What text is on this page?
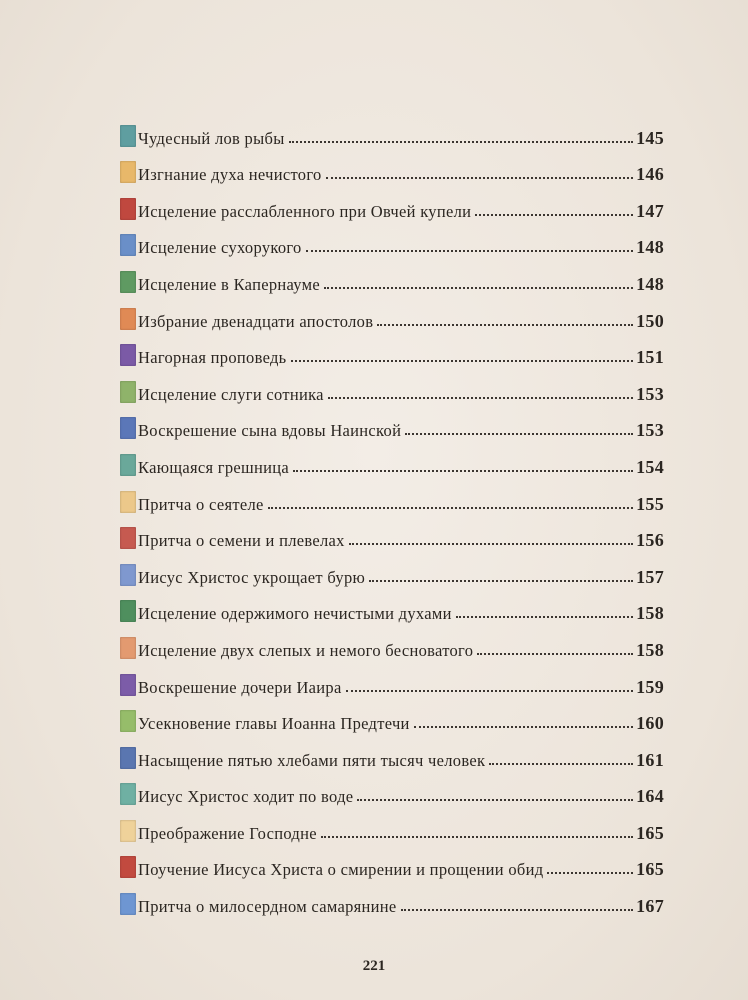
Чудесный лов рыбы	145
Изгнание духа нечистого	146
Исцеление расслабленного при Овчей купели	147
Исцеление сухорукого	148
Исцеление в Капернауме	148
Избрание двенадцати апостолов	150
Нагорная проповедь	151
Исцеление слуги сотника	153
Воскрешение сына вдовы Наинской	153
Кающаяся грешница	154
Притча о сеятеле	155
Притча о семени и плевелах	156
Иисус Христос укрощает бурю	157
Исцеление одержимого нечистыми духами	158
Исцеление двух слепых и немого бесноватого	158
Воскрешение дочери Иаира	159
Усекновение главы Иоанна Предтечи	160
Насыщение пятью хлебами пяти тысяч человек	161
Иисус Христос ходит по воде	164
Преображение Господне	165
Поучение Иисуса Христа о смирении и прощении обид	165
Притча о милосердном самарянине	167
221
